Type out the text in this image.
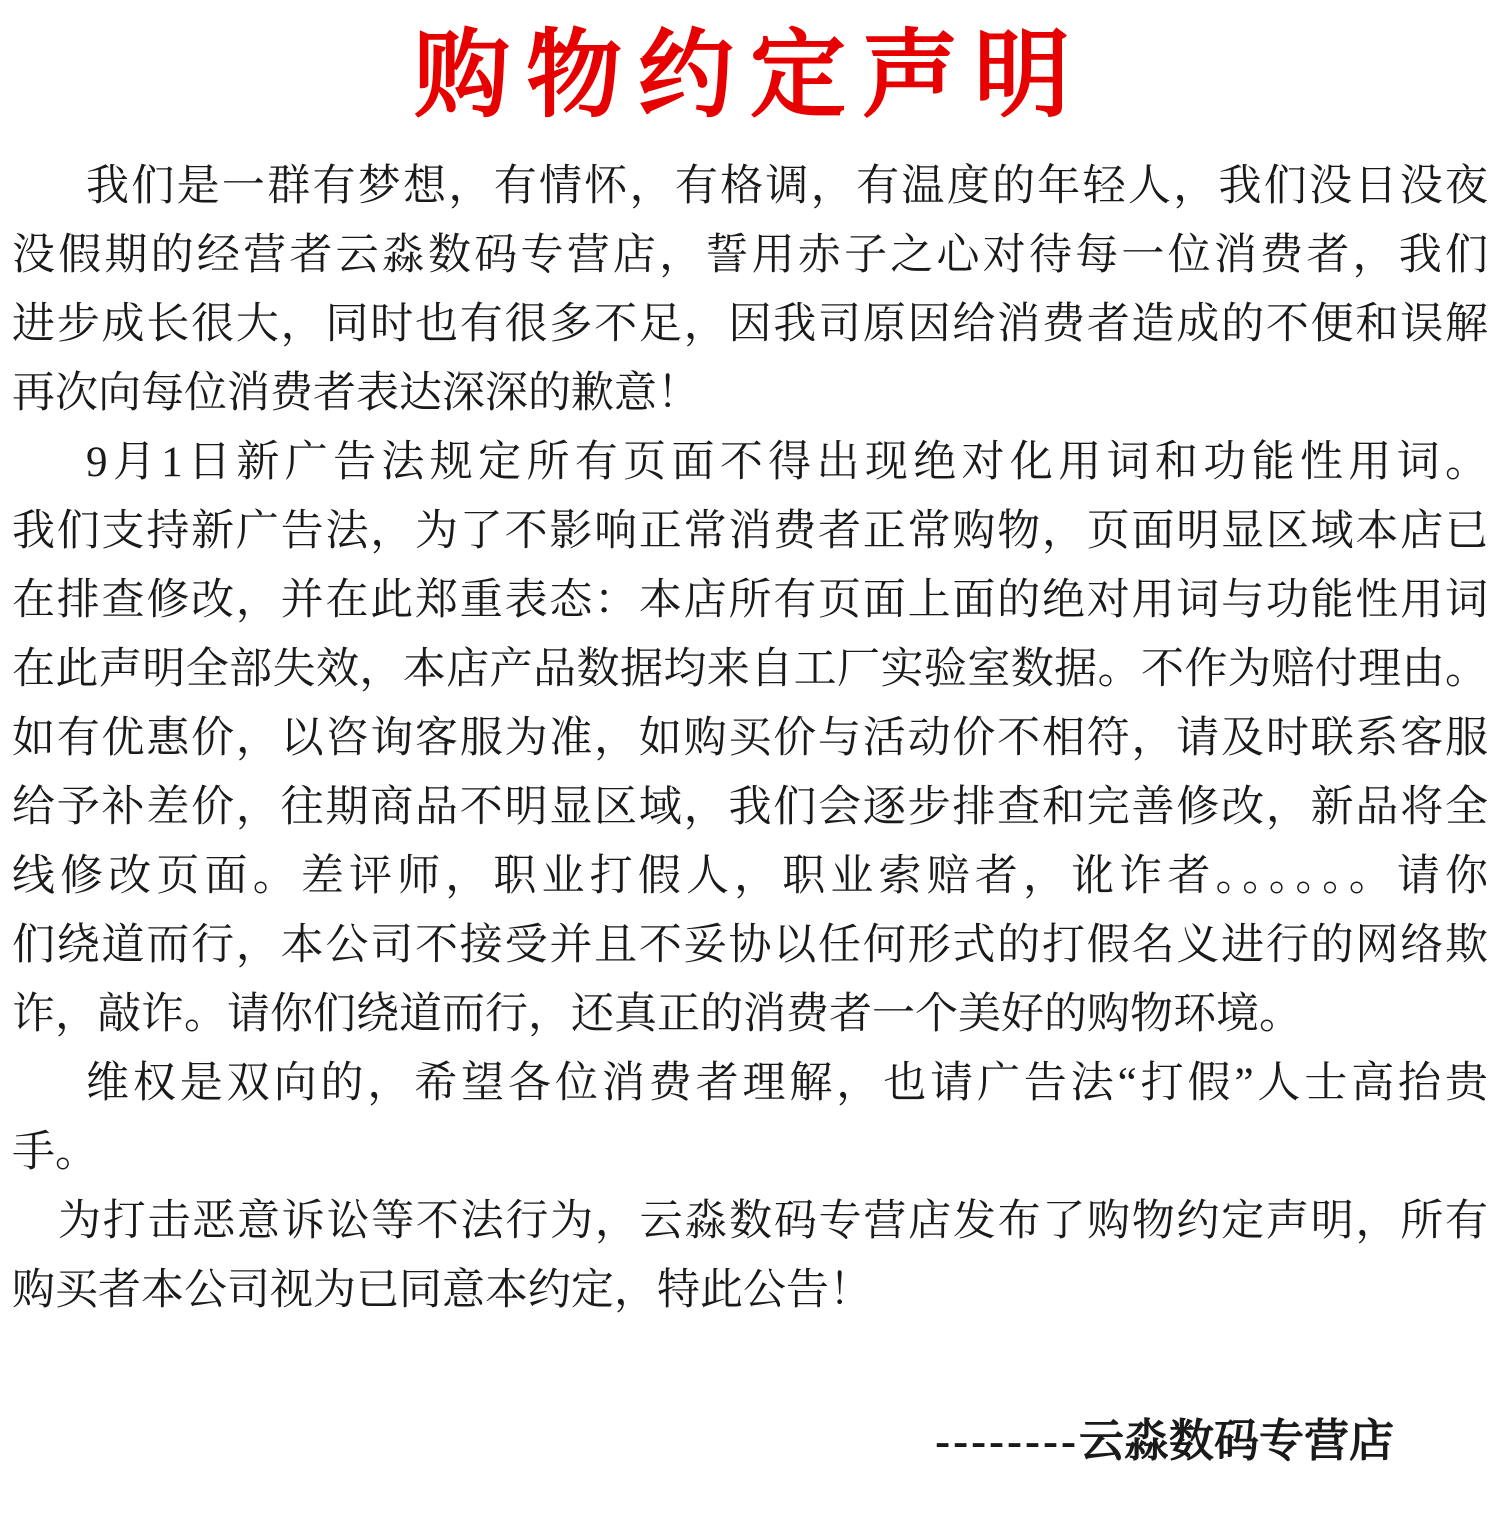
购物约定声明
我们是一群有梦想，有情怀，有格调，有温度的年轻人，我们没日没夜
没假期的经营者云淼数码专营店，誓用赤子之心对待每一位消费者，我们
进步成长很大，同时也有很多不足，因我司原因给消费者造成的不便和误解
再次向每位消费者表达深深的歉意！
9月1日新广告法规定所有页面不得出现绝对化用词和功能性用词。
我们支持新广告法，为了不影响正常消费者正常购物，页面明显区域本店已
在排查修改，并在此郑重表态：本店所有页面上面的绝对用词与功能性用词
在此声明全部失效，本店产品数据均来自工厂实验室数据。不作为赔付理由。
如有优惠价，以咨询客服为准，如购买价与活动价不相符，请及时联系客服
给予补差价，往期商品不明显区域，我们会逐步排查和完善修改，新品将全
线修改页面。差评师，职业打假人，职业索赔者，讹诈者。。。。。。请你
们绕道而行，本公司不接受并且不妥协以任何形式的打假名义进行的网络欺
诈，敲诈。请你们绕道而行，还真正的消费者一个美好的购物环境。
维权是双向的，希望各位消费者理解，也请广告法“打假”人士高抬贵
手。
为打击恶意诉讼等不法行为，云淼数码专营店发布了购物约定声明，所有
购买者本公司视为已同意本约定，特此公告！
--------云淼数码专营店
